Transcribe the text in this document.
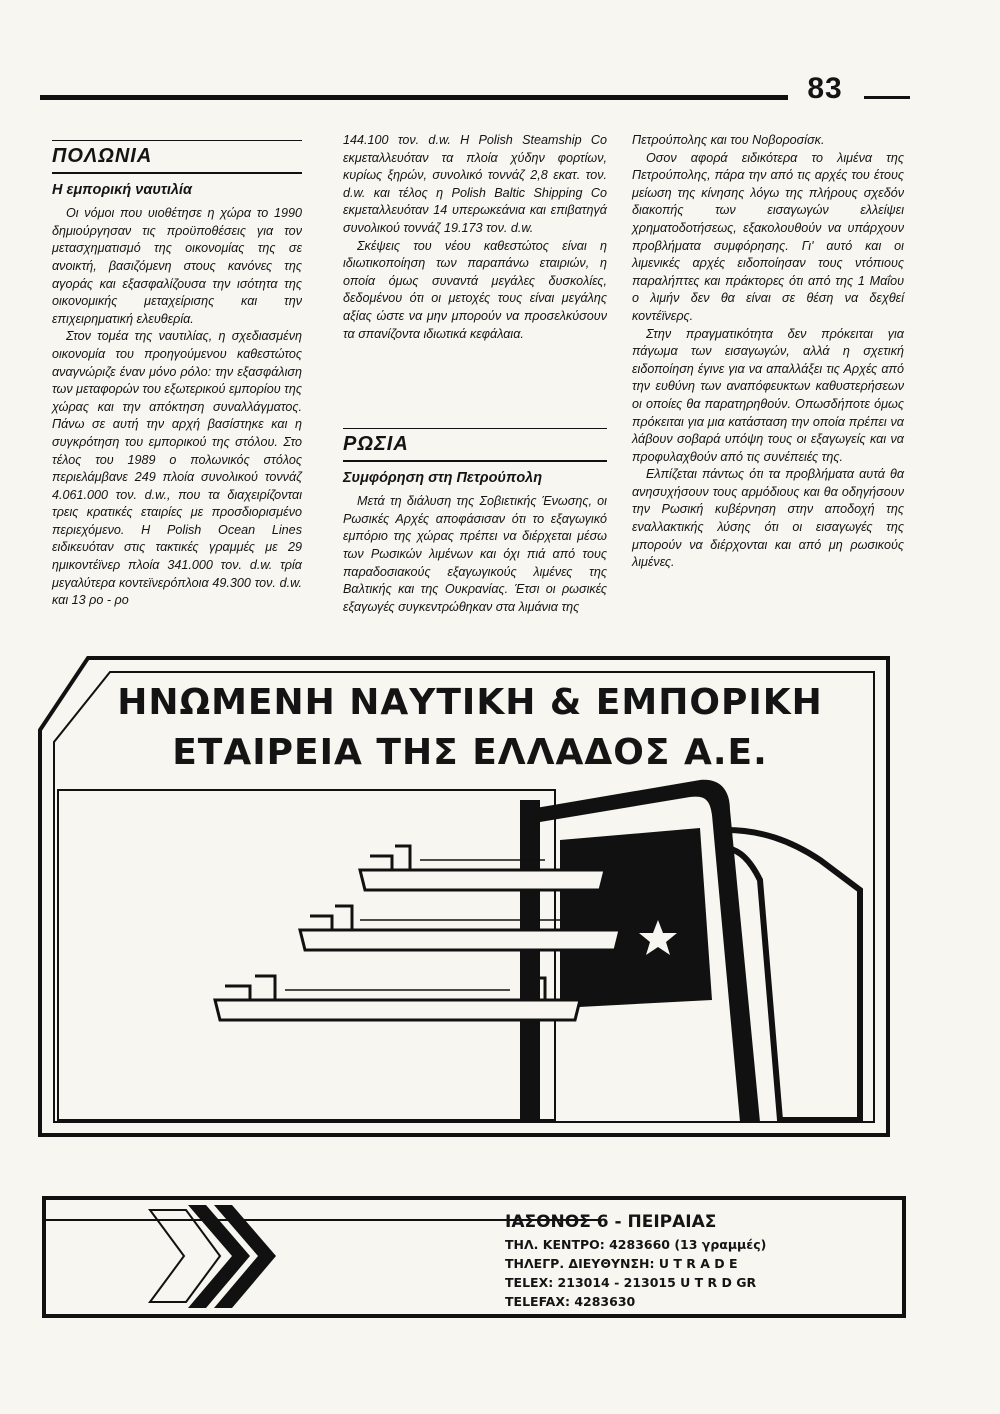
83
ΠΟΛΩΝΙΑ
Η εμπορική ναυτιλία

Οι νόμοι που υιοθέτησε η χώρα το 1990 δημιούργησαν τις προϋποθέσεις για τον μετασχηματισμό της οικονομίας της σε ανοικτή, βασιζόμενη στους κανόνες της αγοράς και εξασφαλίζουσα την ισότητα της οικονομικής μεταχείρισης και την επιχειρηματική ελευθερία.

Στον τομέα της ναυτιλίας, η σχεδιασμένη οικονομία του προηγούμενου καθεστώτος αναγνώριζε έναν μόνο ρόλο: την εξασφάλιση των μεταφορών του εξωτερικού εμπορίου της χώρας και την απόκτηση συναλλάγματος. Πάνω σε αυτή την αρχή βασίστηκε και η συγκρότηση του εμπορικού της στόλου. Στο τέλος του 1989 ο πολωνικός στόλος περιελάμβανε 249 πλοία συνολικού τοννάζ 4.061.000 τον. d.w., που τα διαχειρίζονται τρεις κρατικές εταιρίες με προσδιορισμένο περιεχόμενο. Η Polish Ocean Lines ειδικευόταν στις τακτικές γραμμές με 29 ημικοντέϊνερ πλοία 341.000 τον. d.w. τρία μεγαλύτερα κοντεϊνερόπλοια 49.300 τον. d.w. και 13 ρο - ρο

144.100 τον. d.w. Η Polish Steamship Co εκμεταλλευόταν τα πλοία χύδην φορτίων, κυρίως ξηρών, συνολικό τοννάζ 2,8 εκατ. τον. d.w. και τέλος η Polish Baltic Shipping Co εκμεταλλευόταν 14 υπερωκεάνια και επιβατηγά συνολικού τοννάζ 19.173 τον. d.w.

Σκέψεις του νέου καθεστώτος είναι η ιδιωτικοποίηση των παραπάνω εταιριών, η οποία όμως συναντά μεγάλες δυσκολίες, δεδομένου ότι οι μετοχές τους είναι μεγάλης αξίας ώστε να μην μπορούν να προσελκύσουν τα σπανίζοντα ιδιωτικά κεφάλαια.

ΡΩΣΙΑ
Συμφόρηση στη Πετρούπολη

Μετά τη διάλυση της Σοβιετικής Ένωσης, οι Ρωσικές Αρχές αποφάσισαν ότι το εξαγωγικό εμπόριο της χώρας πρέπει να διέρχεται μέσω των Ρωσικών λιμένων και όχι πιά από τους παραδοσιακούς εξαγωγικούς λιμένες της Βαλτικής και της Ουκρανίας. Έτσι οι ρωσικές εξαγωγές συγκεντρώθηκαν στα λιμάνια της

Πετρούπολης και του Νοβοροσίσκ.

Οσον αφορά ειδικότερα το λιμένα της Πετρούπολης, πάρα την από τις αρχές του έτους μείωση της κίνησης λόγω της πλήρους σχεδόν διακοπής των εισαγωγών ελλείψει χρηματοδοτήσεως, εξακολουθούν να υπάρχουν προβλήματα συμφόρησης. Γι' αυτό και οι λιμενικές αρχές ειδοποίησαν τους ντόπιους παραλήπτες και πράκτορες ότι από της 1 Μαΐου ο λιμήν δεν θα είναι σε θέση να δεχθεί κοντέϊνερς.

Στην πραγματικότητα δεν πρόκειται για πάγωμα των εισαγωγών, αλλά η σχετική ειδοποίηση έγινε για να απαλλάξει τις Αρχές από την ευθύνη των αναπόφευκτων καθυστερήσεων οι οποίες θα παρατηρηθούν. Οπωσδήποτε όμως πρόκειται για μια κατάσταση την οποία πρέπει να λάβουν σοβαρά υπόψη τους οι εξαγωγείς και να προφυλαχθούν από τις συνέπειές της.

Ελπίζεται πάντως ότι τα προβλήματα αυτά θα ανησυχήσουν τους αρμόδιους και θα οδηγήσουν την Ρωσική κυβέρνηση στην αποδοχή της εναλλακτικής λύσης ότι οι εισαγωγές της μπορούν να διέρχονται και από μη ρωσικούς λιμένες.

ΗΝΩΜΕΝΗ ΝΑΥΤΙΚΗ & ΕΜΠΟΡΙΚΗ
ΕΤΑΙΡΕΙΑ ΤΗΣ ΕΛΛΑΔΟΣ Α.Ε.
ΙΑΣΟΝΟΣ 6 - ΠΕΙΡΑΙΑΣ
ΤΗΛ. ΚΕΝΤΡΟ: 4283660 (13 γραμμές)
ΤΗΛΕΓΡ. ΔΙΕΥΘΥΝΣΗ: U T R A D E
TELEX: 213014 - 213015 U T R D GR
TELEFAX: 4283630
